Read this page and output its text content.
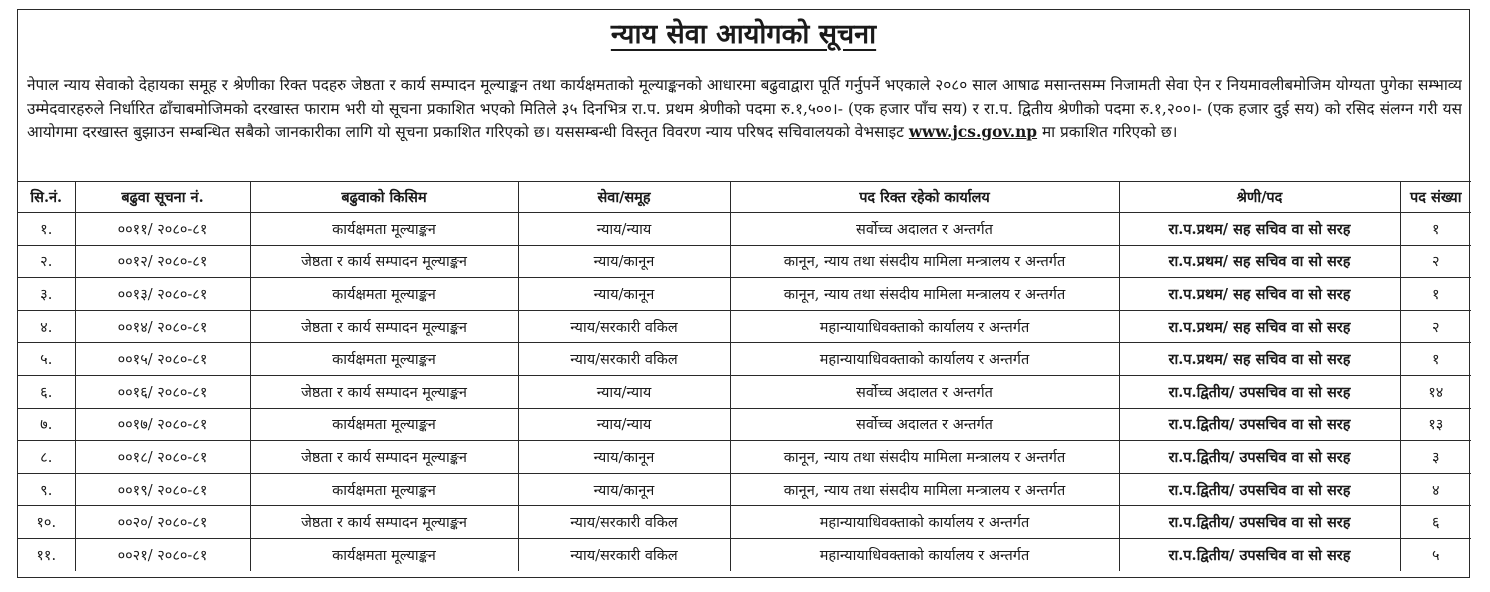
न्याय सेवा आयोगको सूचना

नेपाल न्याय सेवाको देहायका समूह र श्रेणीका रिक्त पदहरु जेष्ठता र कार्य सम्पादन मूल्याङ्कन तथा कार्यक्षमताको मूल्याङ्कनको आधारमा बढुवाद्वारा पूर्ति गर्नुपर्ने भएकाले २०८० साल आषाढ मसान्तसम्म निजामती सेवा ऐन र नियमावलीबमोजिम योग्यता पुगेका सम्भाव्य उम्मेदवारहरुले निर्धारित ढाँचाबमोजिमको दरखास्त फाराम भरी यो सूचना प्रकाशित भएको मितिले ३५ दिनभित्र रा.प. प्रथम श्रेणीको पदमा रु.१,५००।- (एक हजार पाँच सय) र रा.प. द्वितीय श्रेणीको पदमा रु.१,२००।- (एक हजार दुई सय) को रसिद संलग्न गरी यस आयोगमा दरखास्त बुझाउन सम्बन्धित सबैको जानकारीका लागि यो सूचना प्रकाशित गरिएको छ। यससम्बन्धी विस्तृत विवरण न्याय परिषद सचिवालयको वेभसाइट www.jcs.gov.np मा प्रकाशित गरिएको छ।

सि.नं.	बढुवा सूचना नं.	बढुवाको किसिम	सेवा/समूह	पद रिक्त रहेको कार्यालय	श्रेणी/पद	पद संख्या
१.	००११/ २०८०-८१	कार्यक्षमता मूल्याङ्कन	न्याय/न्याय	सर्वोच्च अदालत र अन्तर्गत	रा.प.प्रथम/ सह सचिव वा सो सरह	१
२.	००१२/ २०८०-८१	जेष्ठता र कार्य सम्पादन मूल्याङ्कन	न्याय/कानून	कानून, न्याय तथा संसदीय मामिला मन्त्रालय र अन्तर्गत	रा.प.प्रथम/ सह सचिव वा सो सरह	२
३.	००१३/ २०८०-८१	कार्यक्षमता मूल्याङ्कन	न्याय/कानून	कानून, न्याय तथा संसदीय मामिला मन्त्रालय र अन्तर्गत	रा.प.प्रथम/ सह सचिव वा सो सरह	१
४.	००१४/ २०८०-८१	जेष्ठता र कार्य सम्पादन मूल्याङ्कन	न्याय/सरकारी वकिल	महान्यायाधिवक्ताको कार्यालय र अन्तर्गत	रा.प.प्रथम/ सह सचिव वा सो सरह	२
५.	००१५/ २०८०-८१	कार्यक्षमता मूल्याङ्कन	न्याय/सरकारी वकिल	महान्यायाधिवक्ताको कार्यालय र अन्तर्गत	रा.प.प्रथम/ सह सचिव वा सो सरह	१
६.	००१६/ २०८०-८१	जेष्ठता र कार्य सम्पादन मूल्याङ्कन	न्याय/न्याय	सर्वोच्च अदालत र अन्तर्गत	रा.प.द्वितीय/ उपसचिव वा सो सरह	१४
७.	००१७/ २०८०-८१	कार्यक्षमता मूल्याङ्कन	न्याय/न्याय	सर्वोच्च अदालत र अन्तर्गत	रा.प.द्वितीय/ उपसचिव वा सो सरह	१३
८.	००१८/ २०८०-८१	जेष्ठता र कार्य सम्पादन मूल्याङ्कन	न्याय/कानून	कानून, न्याय तथा संसदीय मामिला मन्त्रालय र अन्तर्गत	रा.प.द्वितीय/ उपसचिव वा सो सरह	३
९.	००१९/ २०८०-८१	कार्यक्षमता मूल्याङ्कन	न्याय/कानून	कानून, न्याय तथा संसदीय मामिला मन्त्रालय र अन्तर्गत	रा.प.द्वितीय/ उपसचिव वा सो सरह	४
१०.	००२०/ २०८०-८१	जेष्ठता र कार्य सम्पादन मूल्याङ्कन	न्याय/सरकारी वकिल	महान्यायाधिवक्ताको कार्यालय र अन्तर्गत	रा.प.द्वितीय/ उपसचिव वा सो सरह	६
११.	००२१/ २०८०-८१	कार्यक्षमता मूल्याङ्कन	न्याय/सरकारी वकिल	महान्यायाधिवक्ताको कार्यालय र अन्तर्गत	रा.प.द्वितीय/ उपसचिव वा सो सरह	५
